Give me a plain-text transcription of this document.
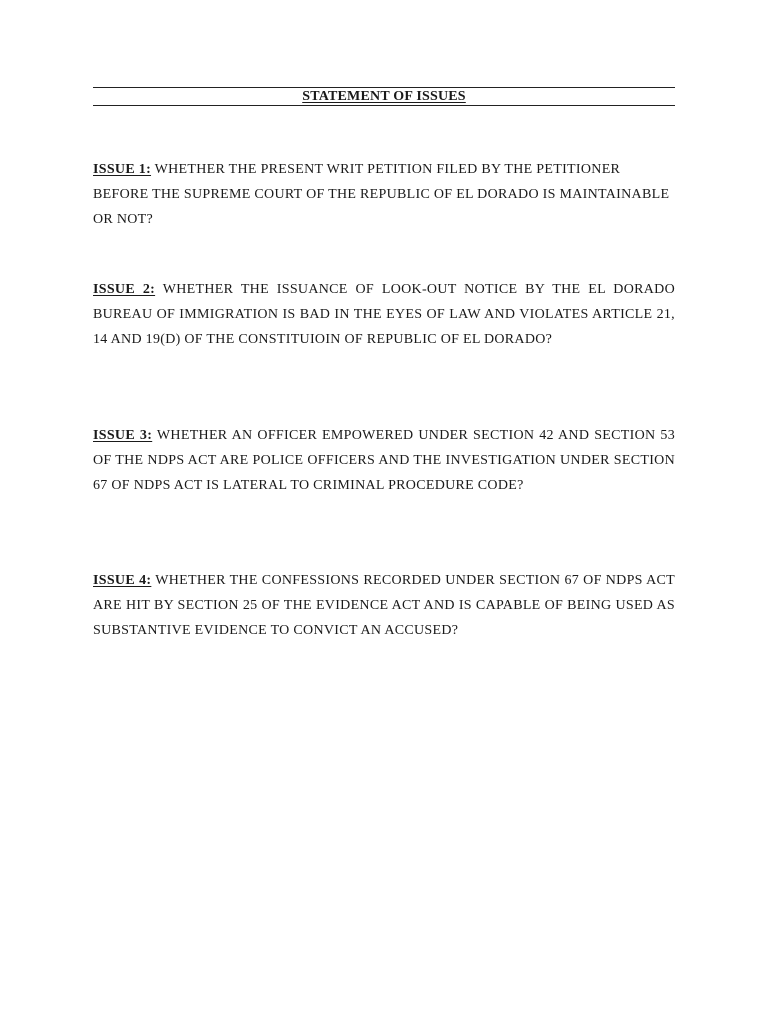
STATEMENT OF ISSUES

ISSUE 1: WHETHER THE PRESENT WRIT PETITION FILED BY THE PETITIONER BEFORE THE SUPREME COURT OF THE REPUBLIC OF EL DORADO IS MAINTAINABLE OR NOT?

ISSUE 2: WHETHER THE ISSUANCE OF LOOK-OUT NOTICE BY THE EL DORADO BUREAU OF IMMIGRATION IS BAD IN THE EYES OF LAW AND VIOLATES ARTICLE 21, 14 AND 19(D) OF THE CONSTITUIOIN OF REPUBLIC OF EL DORADO?

ISSUE 3: WHETHER AN OFFICER EMPOWERED UNDER SECTION 42 AND SECTION 53 OF THE NDPS ACT ARE POLICE OFFICERS AND THE INVESTIGATION UNDER SECTION 67 OF NDPS ACT IS LATERAL TO CRIMINAL PROCEDURE CODE?

ISSUE 4: WHETHER THE CONFESSIONS RECORDED UNDER SECTION 67 OF NDPS ACT ARE HIT BY SECTION 25 OF THE EVIDENCE ACT AND IS CAPABLE OF BEING USED AS SUBSTANTIVE EVIDENCE TO CONVICT AN ACCUSED?
